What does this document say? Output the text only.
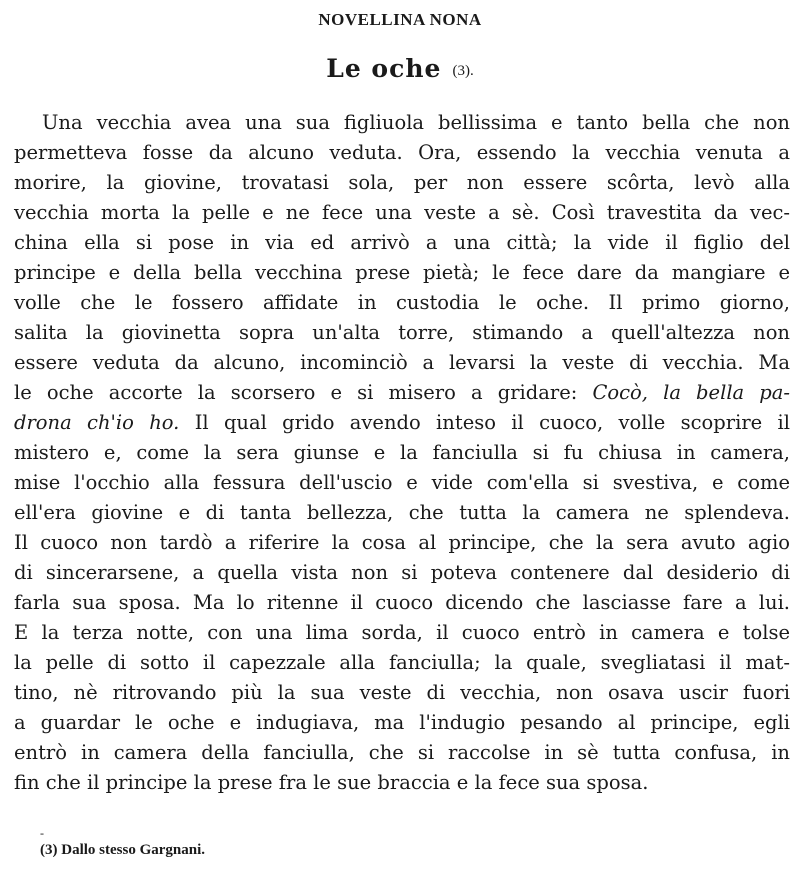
NOVELLINA NONA
Le oche (3).
Una vecchia avea una sua figliuola bellissima e tanto bella che non
permetteva fosse da alcuno veduta. Ora, essendo la vecchia venuta a
morire, la giovine, trovatasi sola, per non essere scôrta, levò alla
vecchia morta la pelle e ne fece una veste a sè. Così travestita da vec-
china ella si pose in via ed arrivò a una città; la vide il figlio del
principe e della bella vecchina prese pietà; le fece dare da mangiare e
volle che le fossero affidate in custodia le oche. Il primo giorno,
salita la giovinetta sopra un'alta torre, stimando a quell'altezza non
essere veduta da alcuno, incominciò a levarsi la veste di vecchia. Ma
le oche accorte la scorsero e si misero a gridare: Cocò, la bella pa-
drona ch'io ho. Il qual grido avendo inteso il cuoco, volle scoprire il
mistero e, come la sera giunse e la fanciulla si fu chiusa in camera,
mise l'occhio alla fessura dell'uscio e vide com'ella si svestiva, e come
ell'era giovine e di tanta bellezza, che tutta la camera ne splendeva.
Il cuoco non tardò a riferire la cosa al principe, che la sera avuto agio
di sincerarsene, a quella vista non si poteva contenere dal desiderio di
farla sua sposa. Ma lo ritenne il cuoco dicendo che lasciasse fare a lui.
E la terza notte, con una lima sorda, il cuoco entrò in camera e tolse
la pelle di sotto il capezzale alla fanciulla; la quale, svegliatasi il mat-
tino, nè ritrovando più la sua veste di vecchia, non osava uscir fuori
a guardar le oche e indugiava, ma l'indugio pesando al principe, egli
entrò in camera della fanciulla, che si raccolse in sè tutta confusa, in
fin che il principe la prese fra le sue braccia e la fece sua sposa.
-
(3) Dallo stesso Gargnani.
